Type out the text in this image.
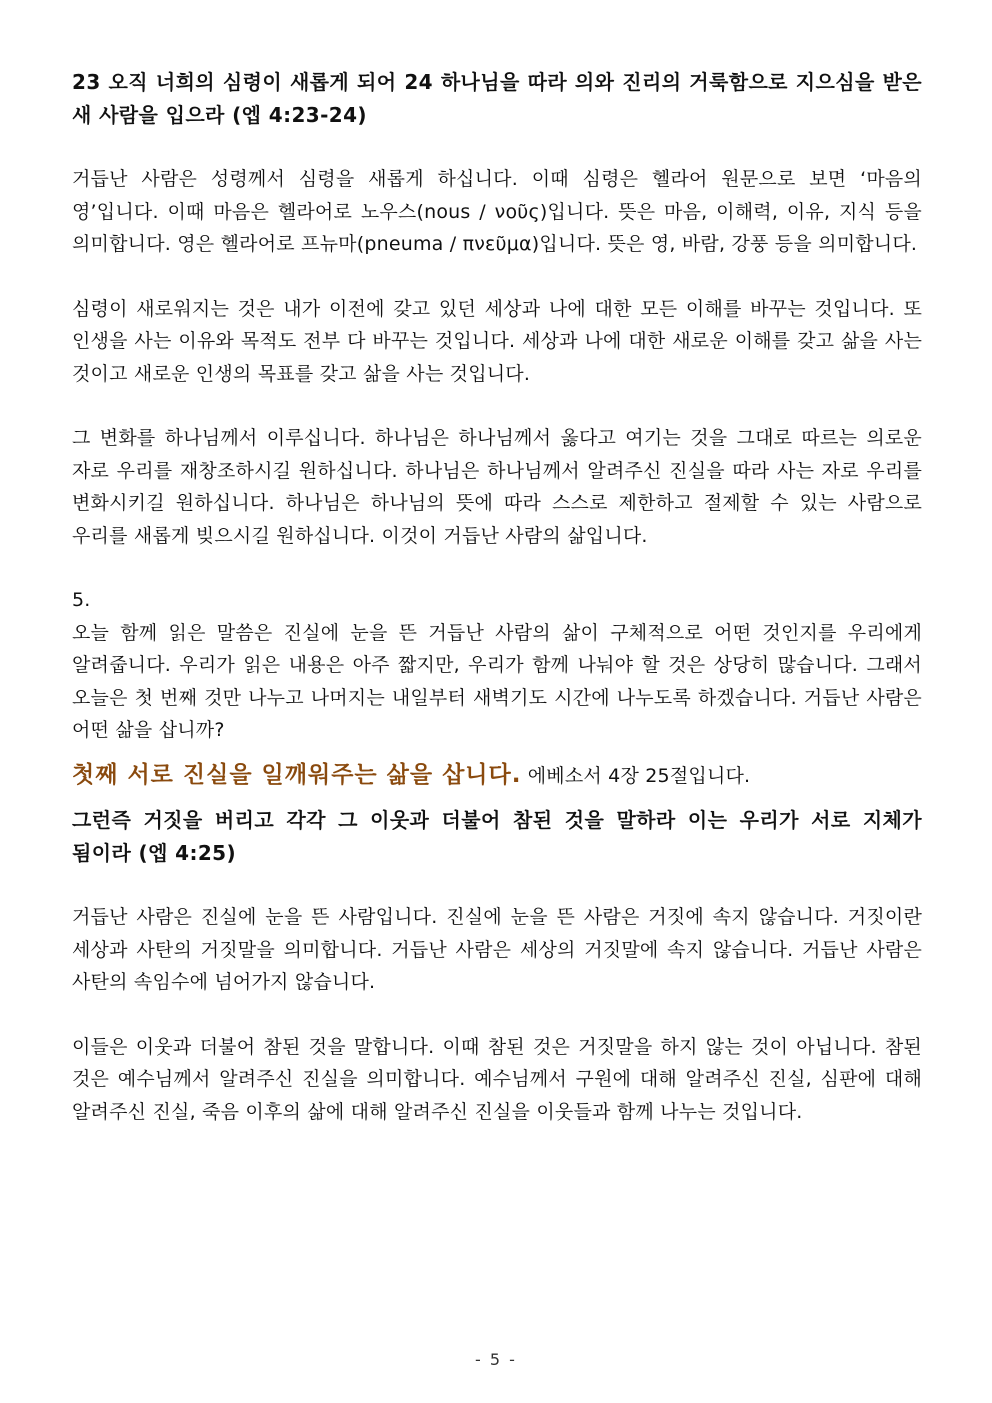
23 오직 너희의 심령이 새롭게 되어 24 하나님을 따라 의와 진리의 거룩함으로 지으심을 받은 새 사람을 입으라 (엡 4:23-24)

거듭난 사람은 성령께서 심령을 새롭게 하십니다. 이때 심령은 헬라어 원문으로 보면 ‘마음의 영’입니다. 이때 마음은 헬라어로 노우스(nous / νοῦς)입니다. 뜻은 마음, 이해력, 이유, 지식 등을 의미합니다. 영은 헬라어로 프뉴마(pneuma / πνεῦμα)입니다. 뜻은 영, 바람, 강풍 등을 의미합니다.

심령이 새로워지는 것은 내가 이전에 갖고 있던 세상과 나에 대한 모든 이해를 바꾸는 것입니다. 또 인생을 사는 이유와 목적도 전부 다 바꾸는 것입니다. 세상과 나에 대한 새로운 이해를 갖고 삶을 사는 것이고 새로운 인생의 목표를 갖고 삶을 사는 것입니다.

그 변화를 하나님께서 이루십니다. 하나님은 하나님께서 옳다고 여기는 것을 그대로 따르는 의로운 자로 우리를 재창조하시길 원하십니다. 하나님은 하나님께서 알려주신 진실을 따라 사는 자로 우리를 변화시키길 원하십니다. 하나님은 하나님의 뜻에 따라 스스로 제한하고 절제할 수 있는 사람으로 우리를 새롭게 빚으시길 원하십니다. 이것이 거듭난 사람의 삶입니다.

5.

오늘 함께 읽은 말씀은 진실에 눈을 뜬 거듭난 사람의 삶이 구체적으로 어떤 것인지를 우리에게 알려줍니다. 우리가 읽은 내용은 아주 짧지만, 우리가 함께 나눠야 할 것은 상당히 많습니다. 그래서 오늘은 첫 번째 것만 나누고 나머지는 내일부터 새벽기도 시간에 나누도록 하겠습니다. 거듭난 사람은 어떤 삶을 삽니까?

첫째 서로 진실을 일깨워주는 삶을 삽니다. 에베소서 4장 25절입니다.

그런즉 거짓을 버리고 각각 그 이웃과 더불어 참된 것을 말하라 이는 우리가 서로 지체가 됨이라 (엡 4:25)

거듭난 사람은 진실에 눈을 뜬 사람입니다. 진실에 눈을 뜬 사람은 거짓에 속지 않습니다. 거짓이란 세상과 사탄의 거짓말을 의미합니다. 거듭난 사람은 세상의 거짓말에 속지 않습니다. 거듭난 사람은 사탄의 속임수에 넘어가지 않습니다.

이들은 이웃과 더불어 참된 것을 말합니다. 이때 참된 것은 거짓말을 하지 않는 것이 아닙니다. 참된 것은 예수님께서 알려주신 진실을 의미합니다. 예수님께서 구원에 대해 알려주신 진실, 심판에 대해 알려주신 진실, 죽음 이후의 삶에 대해 알려주신 진실을 이웃들과 함께 나누는 것입니다.

- 5 -
